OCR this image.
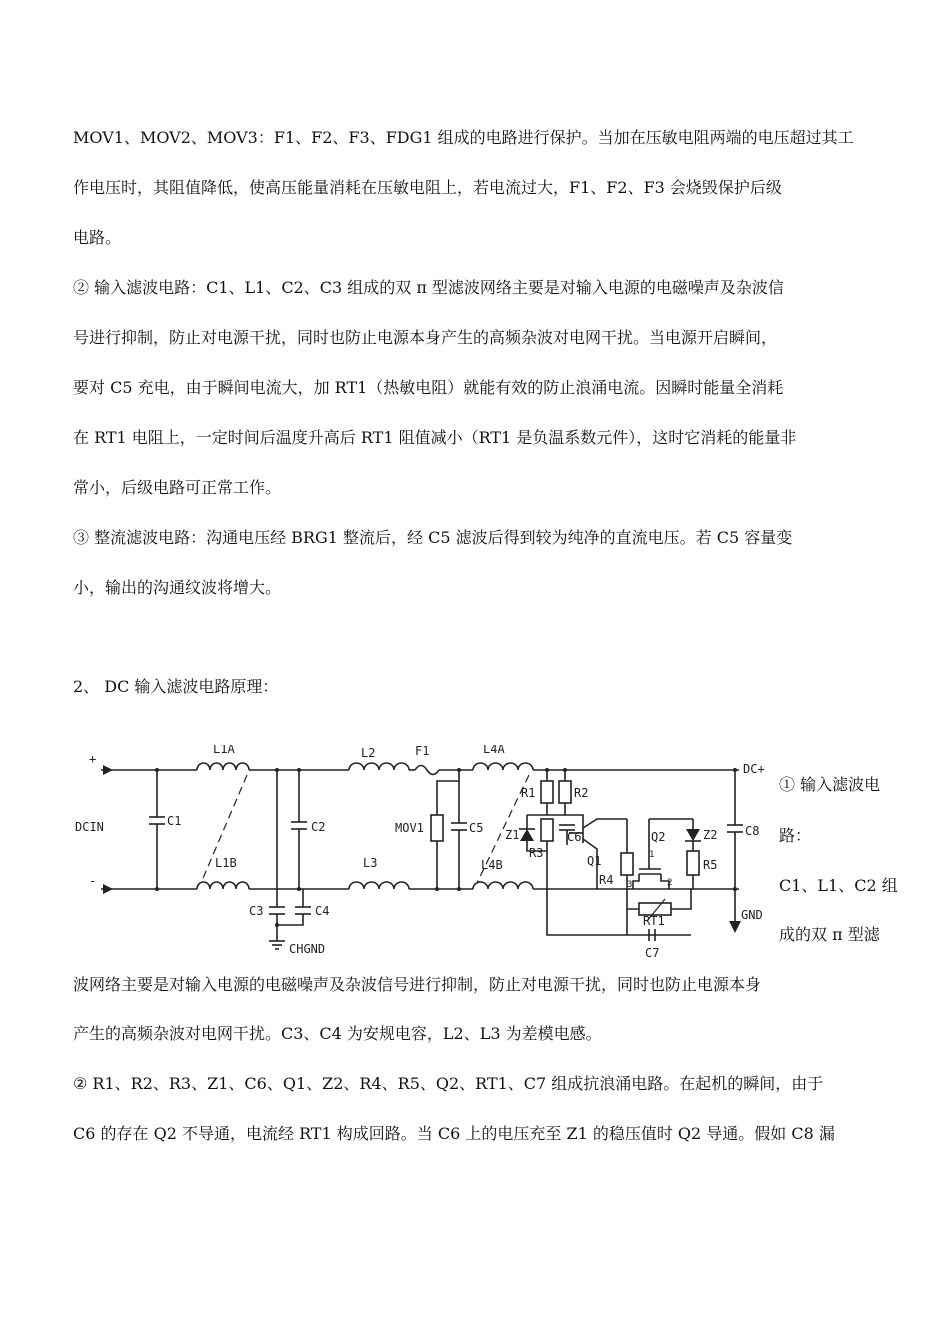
MOV1、MOV2、MOV3：F1、F2、F3、FDG1 组成的电路进行保护。当加在压敏电阻两端的电压超过其工
作电压时，其阻值降低，使高压能量消耗在压敏电阻上，若电流过大，F1、F2、F3 会烧毁保护后级
电路。
② 输入滤波电路：C1、L1、C2、C3 组成的双 π 型滤波网络主要是对输入电源的电磁噪声及杂波信
号进行抑制，防止对电源干扰，同时也防止电源本身产生的高频杂波对电网干扰。当电源开启瞬间，
要对 C5 充电，由于瞬间电流大，加 RT1（热敏电阻）就能有效的防止浪涌电流。因瞬时能量全消耗
在 RT1 电阻上，一定时间后温度升高后 RT1 阻值减小（RT1 是负温系数元件），这时它消耗的能量非
常小，后级电路可正常工作。
③ 整流滤波电路：沟通电压经 BRG1 整流后，经 C5 滤波后得到较为纯净的直流电压。若 C5 容量变
小，输出的沟通纹波将增大。
2、 DC 输入滤波电路原理：
+
-
DCIN	C1
L1A
L1B
C2
C3	C4
CHGND
L2
L3
F1
MOV1	C5
L4A
L4B
R1	R2
Z1
R3
C6
Q1
R4
Q2
1
2
3
RT1
C7
Z2
R5
C8
DC+
GND
① 输入滤波电
路：
C1、L1、C2 组
成的双 π 型滤
波网络主要是对输入电源的电磁噪声及杂波信号进行抑制，防止对电源干扰，同时也防止电源本身
产生的高频杂波对电网干扰。C3、C4 为安规电容，L2、L3 为差模电感。
② R1、R2、R3、Z1、C6、Q1、Z2、R4、R5、Q2、RT1、C7 组成抗浪涌电路。在起机的瞬间，由于
C6 的存在 Q2 不导通，电流经 RT1 构成回路。当 C6 上的电压充至 Z1 的稳压值时 Q2 导通。假如 C8 漏
